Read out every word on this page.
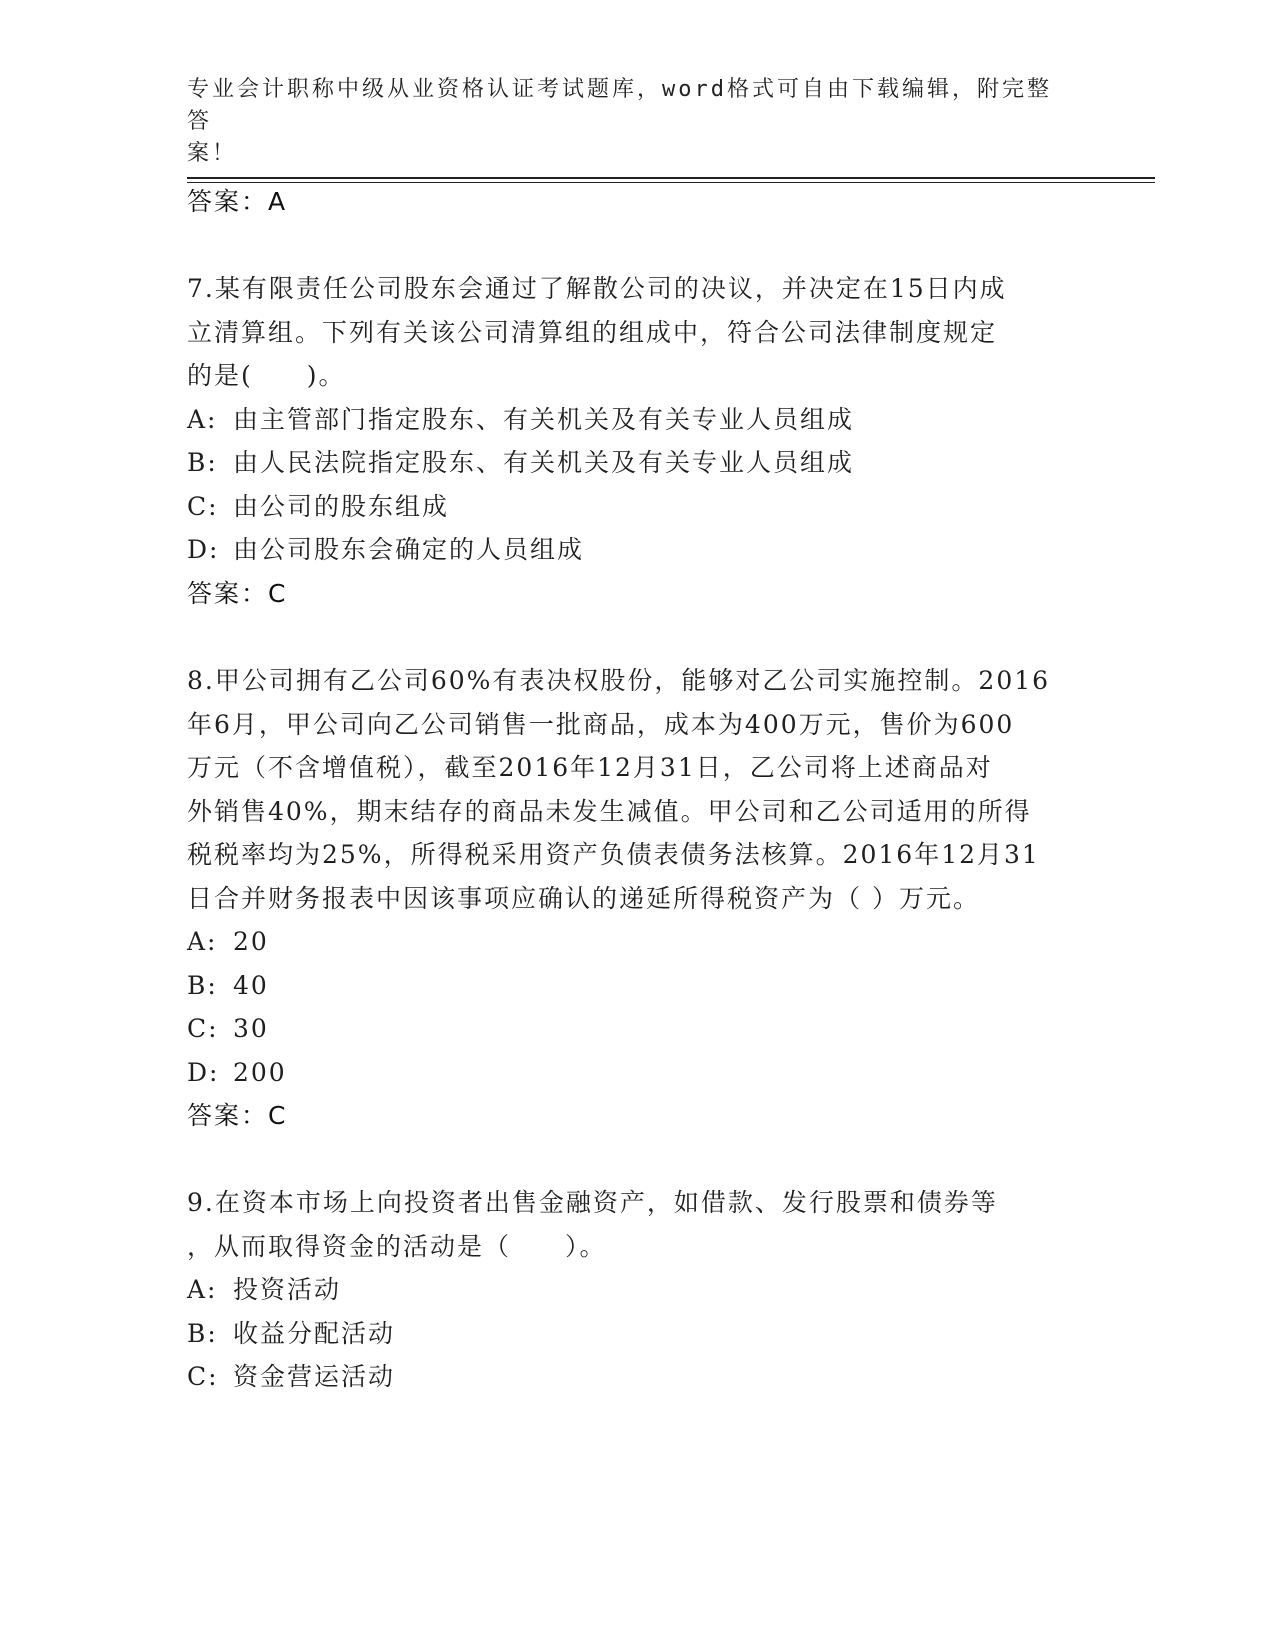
专业会计职称中级从业资格认证考试题库，word格式可自由下载编辑，附完整答
案！
答案：A
7.某有限责任公司股东会通过了解散公司的决议，并决定在15日内成
立清算组。下列有关该公司清算组的组成中，符合公司法律制度规定
的是(　　)。
A: 由主管部门指定股东、有关机关及有关专业人员组成
B: 由人民法院指定股东、有关机关及有关专业人员组成
C: 由公司的股东组成
D: 由公司股东会确定的人员组成
答案：C
8.甲公司拥有乙公司60%有表决权股份，能够对乙公司实施控制。2016
年6月，甲公司向乙公司销售一批商品，成本为400万元，售价为600
万元（不含增值税），截至2016年12月31日，乙公司将上述商品对
外销售40%，期末结存的商品未发生减值。甲公司和乙公司适用的所得
税税率均为25%，所得税采用资产负债表债务法核算。2016年12月31
日合并财务报表中因该事项应确认的递延所得税资产为（ ）万元。
A: 20
B: 40
C: 30
D: 200
答案：C
9.在资本市场上向投资者出售金融资产，如借款、发行股票和债券等
，从而取得资金的活动是（　　）。
A: 投资活动
B: 收益分配活动
C: 资金营运活动
